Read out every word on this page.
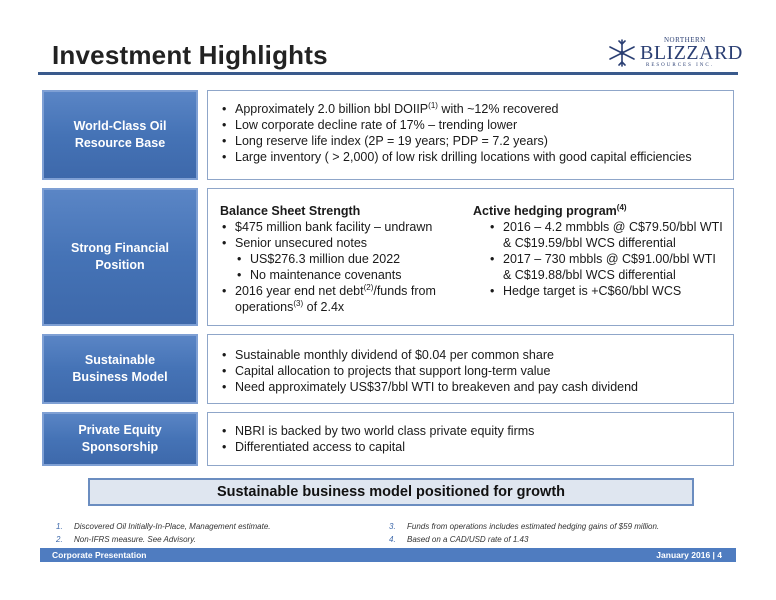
Investment Highlights	NORTHERN
BLIZZARD
RESOURCES INC.
World-Class Oil Resource Base
• Approximately 2.0 billion bbl DOIIP$^{(1)}$ with ~12% recovered
• Low corporate decline rate of 17% – trending lower
• Long reserve life index (2P = 19 years; PDP = 7.2 years)
• Large inventory ( > 2,000) of low risk drilling locations with good capital efficiencies
Strong Financial Position
Balance Sheet Strength
• $475 million bank facility – undrawn
• Senior unsecured notes
• US$276.3 million due 2022
• No maintenance covenants
• 2016 year end net debt$^{(2)}$/funds from operations$^{(3)}$ of 2.4x
Active hedging program$^{(4)}$
• 2016 – 4.2 mmbbls @ C$79.50/bbl WTI & C$19.59/bbl WCS differential
• 2017 – 730 mbbls @ C$91.00/bbl WTI & C$19.88/bbl WCS differential
• Hedge target is +C$60/bbl WCS
Sustainable Business Model
• Sustainable monthly dividend of $0.04 per common share
• Capital allocation to projects that support long-term value
• Need approximately US$37/bbl WTI to breakeven and pay cash dividend
Private Equity Sponsorship
• NBRI is backed by two world class private equity firms
• Differentiated access to capital
Sustainable business model positioned for growth
1. Discovered Oil Initially-In-Place, Management estimate.
2. Non-IFRS measure. See Advisory.
3. Funds from operations includes estimated hedging gains of $59 million.
4. Based on a CAD/USD rate of 1.43
Corporate Presentation	January 2016 | 4
